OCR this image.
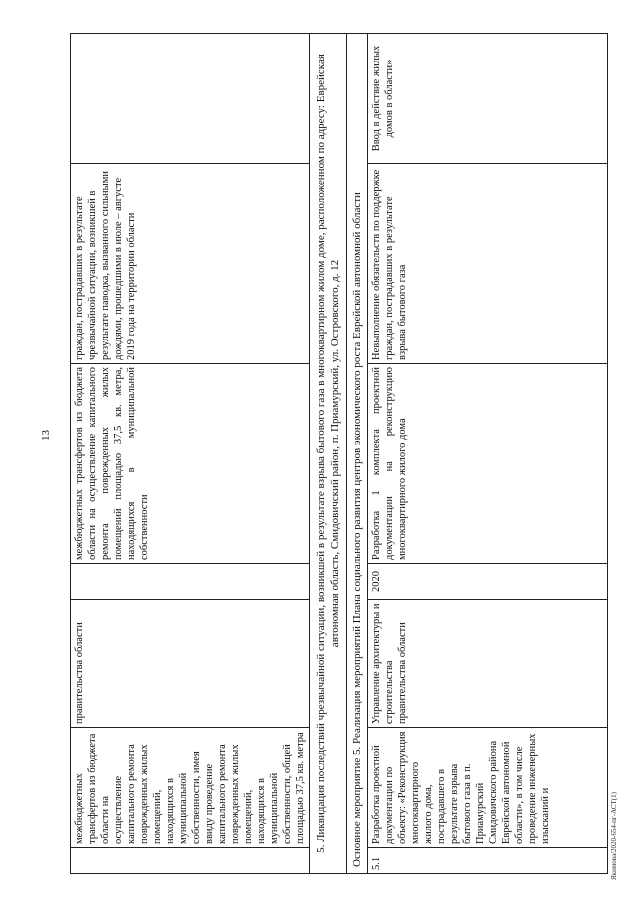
13
	межбюджетных трансфертов из бюджета области на осуществление капитального ремонта поврежденных жилых помещений, находящихся в муниципальной собственности, имея ввиду проведение капитального ремонта поврежденных жилых помещений, находящихся в муниципальной собственности, общей площадью 37,5 кв. метра	правительства области		межбюджетных трансфертов из бюджета области на осуществление капитального ремонта поврежденных жилых помещений площадью 37,5 кв. метра, находящихся в муниципальной собственности	граждан, пострадавших в результате чрезвычайной ситуации, возникшей в результате паводка, вызванного сильными дождями, прошедшими в июле – августе 2019 года на территории области	
5. Ликвидация последствий чрезвычайной ситуации, возникшей в результате взрыва бытового газа в многоквартирном жилом доме, расположенном по адресу: Еврейская автономная область, Смидовичский район, п. Приамурский, ул. Островского, д. 12						
Основное мероприятие 5. Реализация мероприятий Плана социального развития центров экономического роста Еврейской автономной области						
5.1	Разработка проектной документации по объекту: «Реконструкция многоквартирного жилого дома, пострадавшего в результате взрыва бытового газа в п. Приамурский Смидовичского района Еврейской автономной области», в том числе проведение инженерных изысканий и	Управление архитектуры и строительства правительства области	2020	Разработка 1 комплекта проектной документации на реконструкцию многоквартирного жилого дома	Невыполнение обязательств по поддержке граждан, пострадавших в результате взрыва бытового газа	Ввод в действие жилых домов в области»
Якимова/2020-654-пг-АСТ(1)
